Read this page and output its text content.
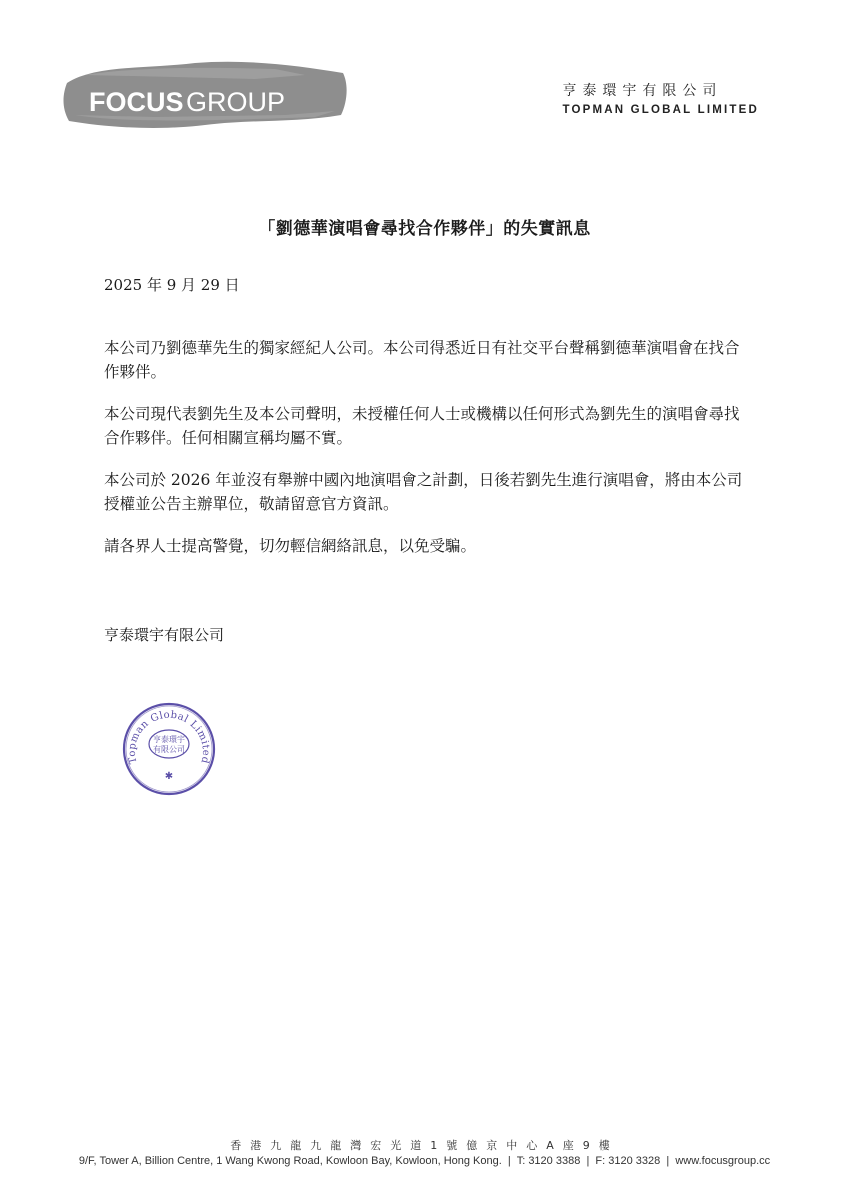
FOCUS GROUP	亨泰環宇有限公司
TOPMAN GLOBAL LIMITED
「劉德華演唱會尋找合作夥伴」的失實訊息
2025 年 9 月 29 日

本公司乃劉德華先生的獨家經紀人公司。本公司得悉近日有社交平台聲稱劉德華演唱會在找合作夥伴。

本公司現代表劉先生及本公司聲明，未授權任何人士或機構以任何形式為劉先生的演唱會尋找合作夥伴。任何相關宣稱均屬不實。

本公司於 2026 年並沒有舉辦中國內地演唱會之計劃，日後若劉先生進行演唱會，將由本公司授權並公告主辦單位，敬請留意官方資訊。

請各界人士提高警覺，切勿輕信網絡訊息，以免受騙。

亨泰環宇有限公司
Topman Global Limited
亨泰環宇
有限公司
✱
香港九龍九龍灣宏光道1號億京中心A座9樓
9/F, Tower A, Billion Centre, 1 Wang Kwong Road, Kowloon Bay, Kowloon, Hong Kong.  |  T: 3120 3388  |  F: 3120 3328  |  www.focusgroup.cc
